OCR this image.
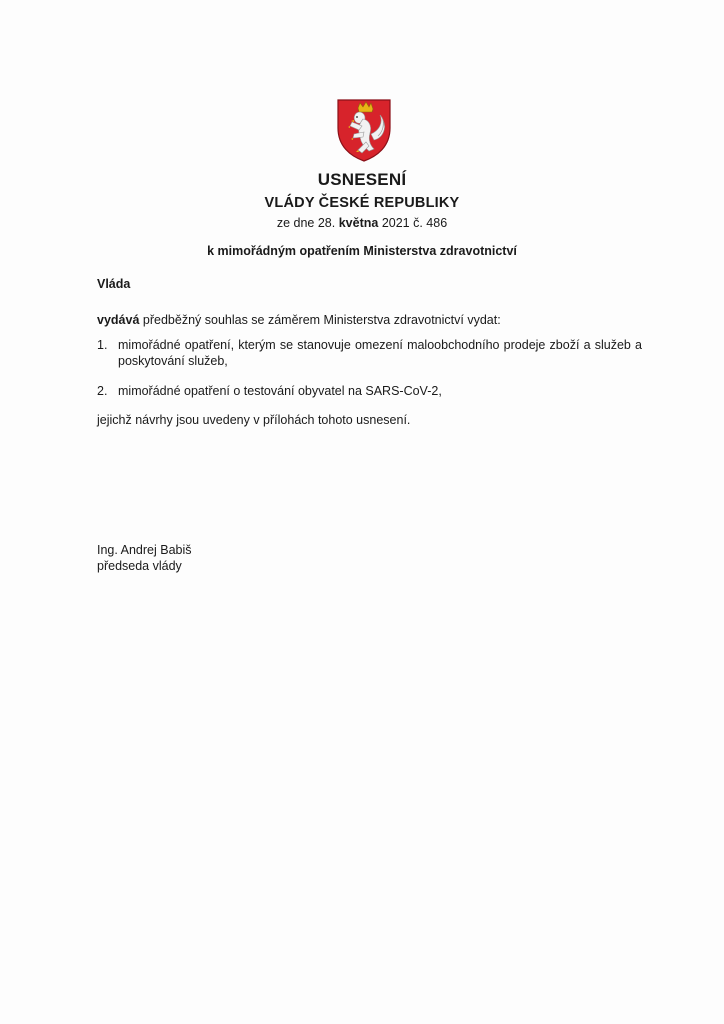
USNESENÍ
VLÁDY ČESKÉ REPUBLIKY
ze dne 28. května 2021 č. 486
k mimořádným opatřením Ministerstva zdravotnictví
Vláda
vydává předběžný souhlas se záměrem Ministerstva zdravotnictví vydat:
1. mimořádné opatření, kterým se stanovuje omezení maloobchodního prodeje zboží a služeb a poskytování služeb,
2. mimořádné opatření o testování obyvatel na SARS-CoV-2,
jejichž návrhy jsou uvedeny v přílohách tohoto usnesení.
Ing. Andrej Babiš
předseda vlády
